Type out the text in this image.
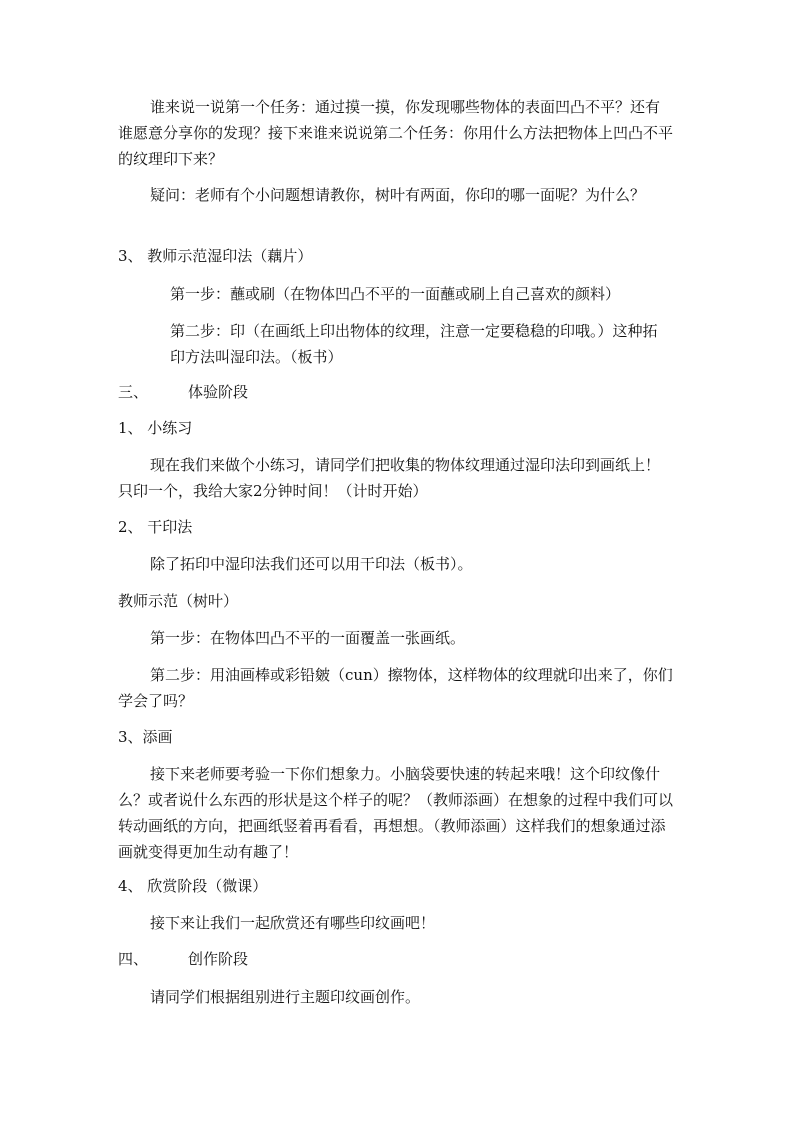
谁来说一说第一个任务：通过摸一摸，你发现哪些物体的表面凹凸不平？还有谁愿意分享你的发现？接下来谁来说说第二个任务：你用什么方法把物体上凹凸不平的纹理印下来？
疑问：老师有个小问题想请教你，树叶有两面，你印的哪一面呢？为什么？
3、 教师示范湿印法（藕片）
第一步：蘸或刷（在物体凹凸不平的一面蘸或刷上自己喜欢的颜料）
第二步：印（在画纸上印出物体的纹理，注意一定要稳稳的印哦。）这种拓印方法叫湿印法。（板书）
三、	体验阶段
1、 小练习
现在我们来做个小练习，请同学们把收集的物体纹理通过湿印法印到画纸上！只印一个，我给大家2分钟时间！（计时开始）
2、 干印法
除了拓印中湿印法我们还可以用干印法（板书）。
教师示范（树叶）
第一步：在物体凹凸不平的一面覆盖一张画纸。
第二步：用油画棒或彩铅皴（cun）擦物体，这样物体的纹理就印出来了，你们学会了吗？
3、添画
接下来老师要考验一下你们想象力。小脑袋要快速的转起来哦！这个印纹像什么？或者说什么东西的形状是这个样子的呢？（教师添画）在想象的过程中我们可以转动画纸的方向，把画纸竖着再看看，再想想。（教师添画）这样我们的想象通过添画就变得更加生动有趣了！
4、 欣赏阶段（微课）
接下来让我们一起欣赏还有哪些印纹画吧！
四、	创作阶段
请同学们根据组别进行主题印纹画创作。
